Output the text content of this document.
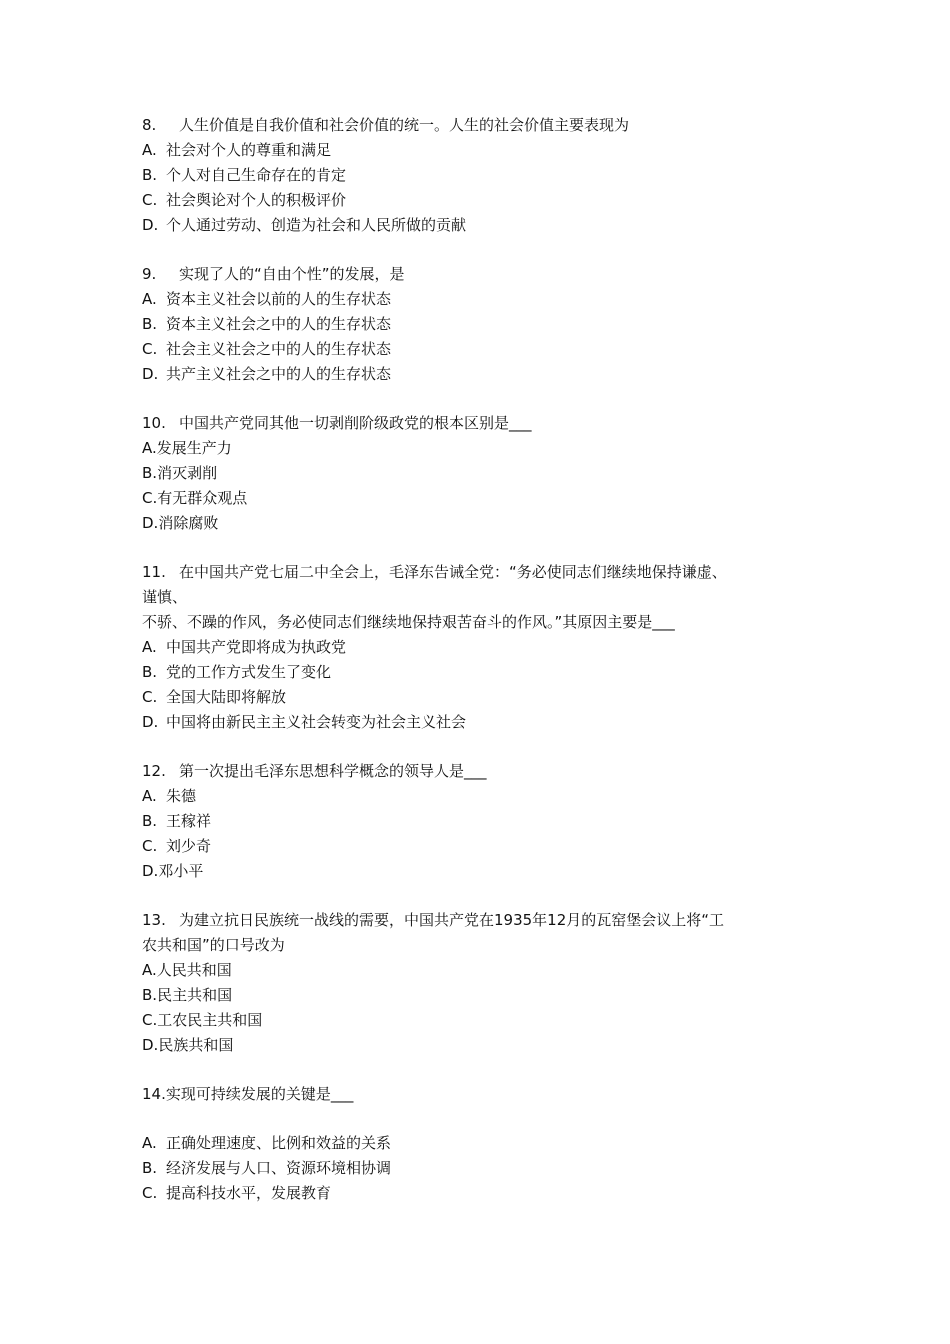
8. 人生价值是自我价值和社会价值的统一。人生的社会价值主要表现为
A. 社会对个人的尊重和满足
B. 个人对自己生命存在的肯定
C. 社会舆论对个人的积极评价
D. 个人通过劳动、创造为社会和人民所做的贡献
9. 实现了人的“自由个性”的发展，是
A. 资本主义社会以前的人的生存状态
B. 资本主义社会之中的人的生存状态
C. 社会主义社会之中的人的生存状态
D. 共产主义社会之中的人的生存状态
10. 中国共产党同其他一切剥削阶级政党的根本区别是___
A.发展生产力
B.消灭剥削
C.有无群众观点
D.消除腐败
11. 在中国共产党七届二中全会上，毛泽东告诫全党：“务必使同志们继续地保持谦虚、
谨慎、
不骄、不躁的作风，务必使同志们继续地保持艰苦奋斗的作风。”其原因主要是___
A. 中国共产党即将成为执政党
B. 党的工作方式发生了变化
C. 全国大陆即将解放
D. 中国将由新民主主义社会转变为社会主义社会
12. 第一次提出毛泽东思想科学概念的领导人是___
A. 朱德
B. 王稼祥
C. 刘少奇
D.邓小平
13. 为建立抗日民族统一战线的需要，中国共产党在1935年12月的瓦窑堡会议上将“工
农共和国”的口号改为
A.人民共和国
B.民主共和国
C.工农民主共和国
D.民族共和国
14.实现可持续发展的关键是___
A. 正确处理速度、比例和效益的关系
B. 经济发展与人口、资源环境相协调
C. 提高科技水平，发展教育
